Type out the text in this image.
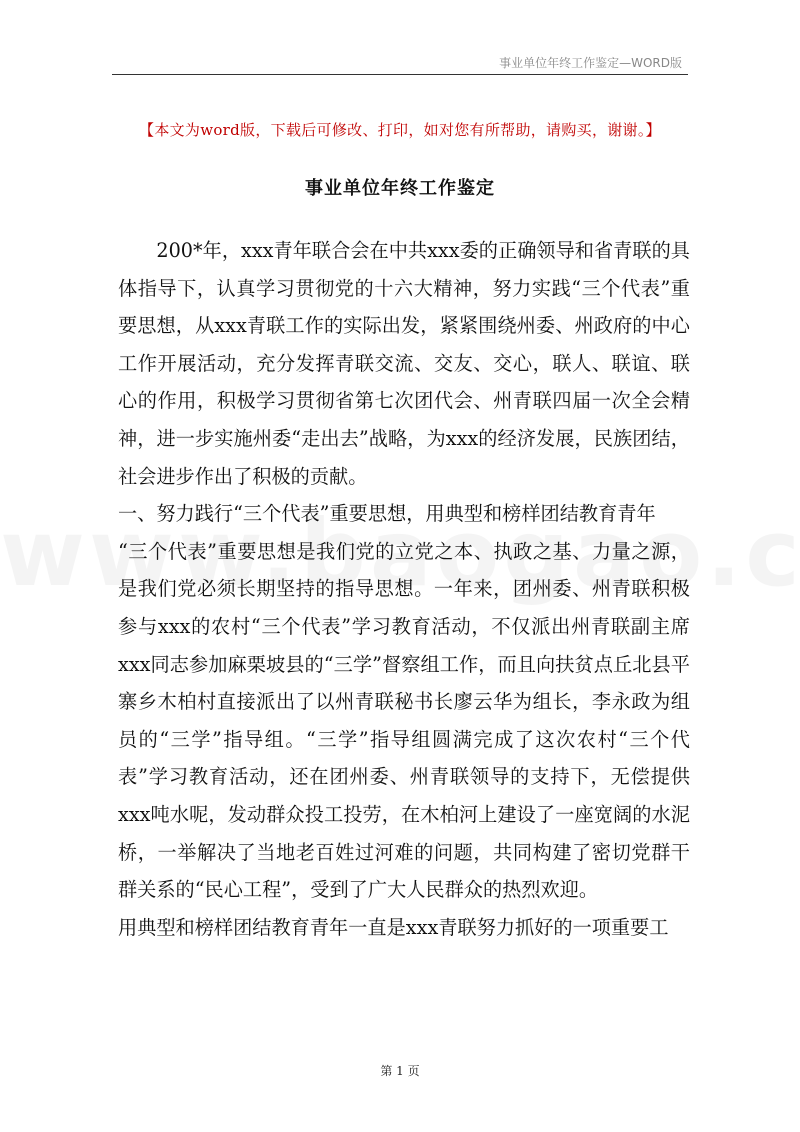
事业单位年终工作鉴定—WORD版
【本文为word版，下载后可修改、打印，如对您有所帮助，请购买，谢谢。】
事业单位年终工作鉴定

200*年，xxx青年联合会在中共xxx委的正确领导和省青联的具体指导下，认真学习贯彻党的十六大精神，努力实践“三个代表”重要思想，从xxx青联工作的实际出发，紧紧围绕州委、州政府的中心工作开展活动，充分发挥青联交流、交友、交心，联人、联谊、联心的作用，积极学习贯彻省第七次团代会、州青联四届一次全会精神，进一步实施州委“走出去”战略，为xxx的经济发展，民族团结，社会进步作出了积极的贡献。

一、努力践行“三个代表”重要思想，用典型和榜样团结教育青年

“三个代表”重要思想是我们党的立党之本、执政之基、力量之源，是我们党必须长期坚持的指导思想。一年来，团州委、州青联积极参与xxx的农村“三个代表”学习教育活动，不仅派出州青联副主席xxx同志参加麻栗坡县的“三学”督察组工作，而且向扶贫点丘北县平寨乡木柏村直接派出了以州青联秘书长廖云华为组长，李永政为组员的“三学”指导组。“三学”指导组圆满完成了这次农村“三个代表”学习教育活动，还在团州委、州青联领导的支持下，无偿提供xxx吨水呢，发动群众投工投劳，在木柏河上建设了一座宽阔的水泥桥，一举解决了当地老百姓过河难的问题，共同构建了密切党群干群关系的“民心工程”，受到了广大人民群众的热烈欢迎。

用典型和榜样团结教育青年一直是xxx青联努力抓好的一项重要工

第 1 页
